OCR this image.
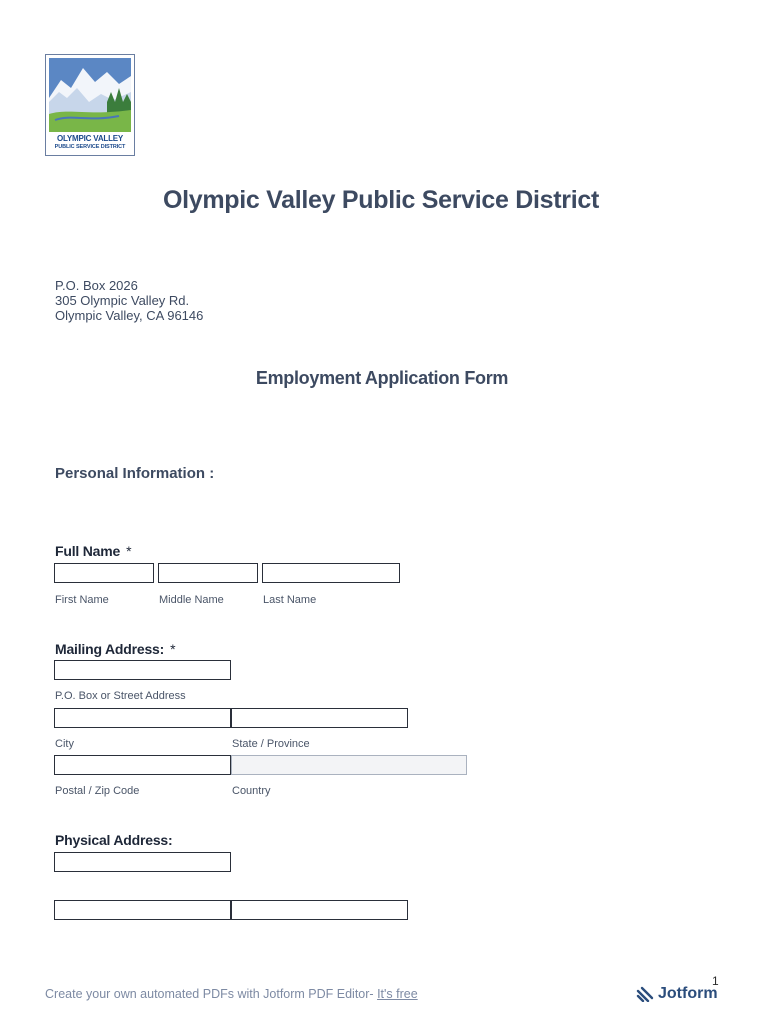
OLYMPIC VALLEY
PUBLIC SERVICE DISTRICT
Olympic Valley Public Service District
P.O. Box 2026
305 Olympic Valley Rd.
Olympic Valley, CA 96146
Employment Application Form
Personal Information :
Full Name *
First Name	Middle Name	Last Name
Mailing Address: *
P.O. Box or Street Address
City	State / Province
Postal / Zip Code	Country
Physical Address:
1
Create your own automated PDFs with Jotform PDF Editor- It's free	Jotform
